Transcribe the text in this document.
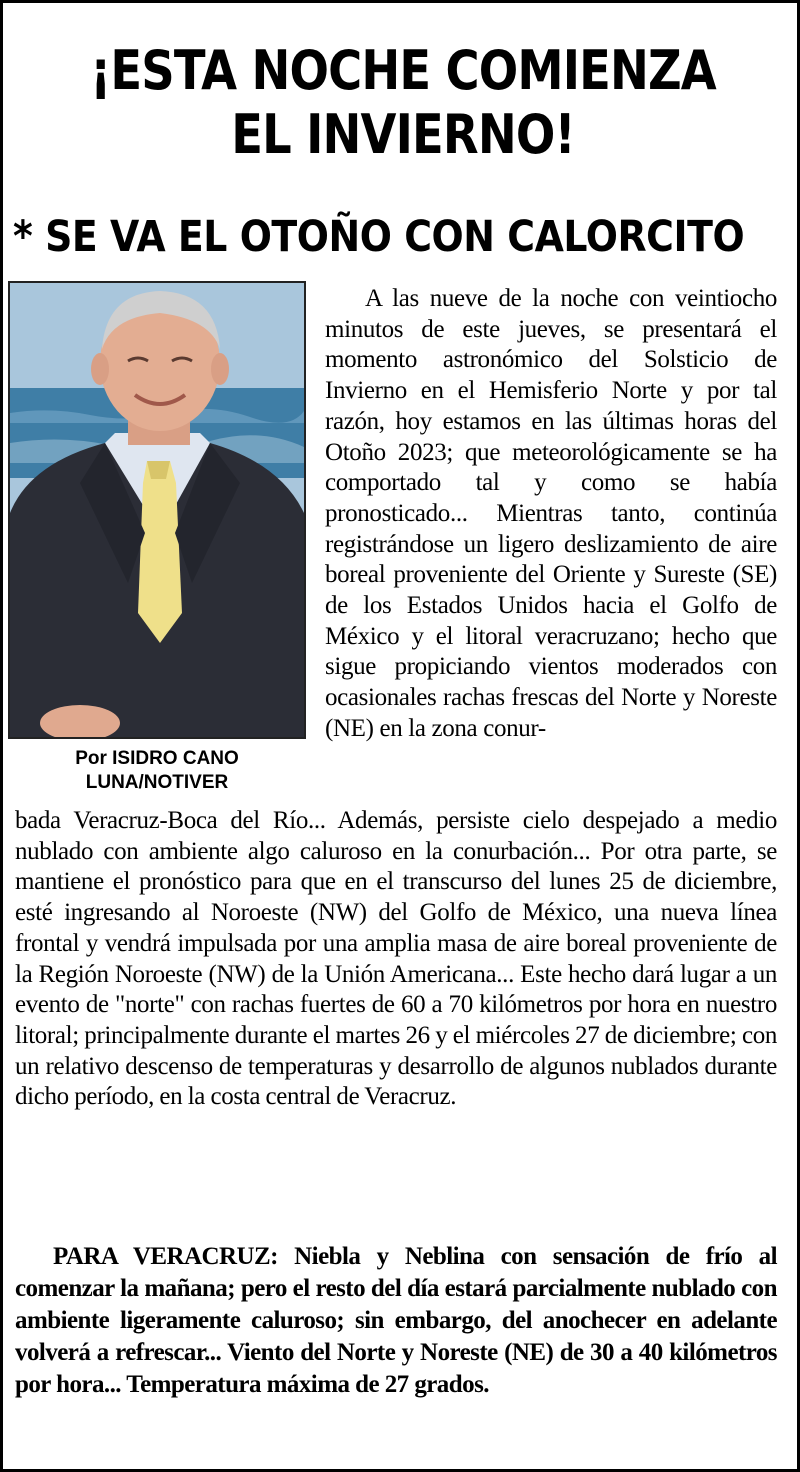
¡ESTA NOCHE COMIENZA
EL INVIERNO!
* SE VA EL OTOÑO CON CALORCITO
Por ISIDRO CANO
LUNA/NOTIVER

A las nueve de la noche con veintiocho minutos de este jueves, se presentará el momento astronómico del Solsticio de Invierno en el Hemisferio Norte y por tal razón, hoy estamos en las últimas horas del Otoño 2023; que meteorológicamente se ha comportado tal y como se había pronosticado... Mientras tanto, continúa registrándose un ligero deslizamiento de aire boreal proveniente del Oriente y Sureste (SE) de los Estados Unidos hacia el Golfo de México y el litoral veracruzano; hecho que sigue propiciando vientos moderados con ocasionales rachas frescas del Norte y Noreste (NE) en la zona conur-

bada Veracruz-Boca del Río... Además, persiste cielo despejado a medio nublado con ambiente algo caluroso en la conurbación... Por otra parte, se mantiene el pronóstico para que en el transcurso del lunes 25 de diciembre, esté ingresando al Noroeste (NW) del Golfo de México, una nueva línea frontal y vendrá impulsada por una amplia masa de aire boreal proveniente de la Región Noroeste (NW) de la Unión Americana... Este hecho dará lugar a un evento de "norte" con rachas fuertes de 60 a 70 kilómetros por hora en nuestro litoral; principalmente durante el martes 26 y el miércoles 27 de diciembre; con un relativo descenso de temperaturas y desarrollo de algunos nublados durante dicho período, en la costa central de Veracruz.

PARA VERACRUZ: Niebla y Neblina con sensación de frío al comenzar la mañana; pero el resto del día estará parcialmente nublado con ambiente ligeramente caluroso; sin embargo, del anochecer en adelante volverá a refrescar... Viento del Norte y Noreste (NE) de 30 a 40 kilómetros por hora... Temperatura máxima de 27 grados.
